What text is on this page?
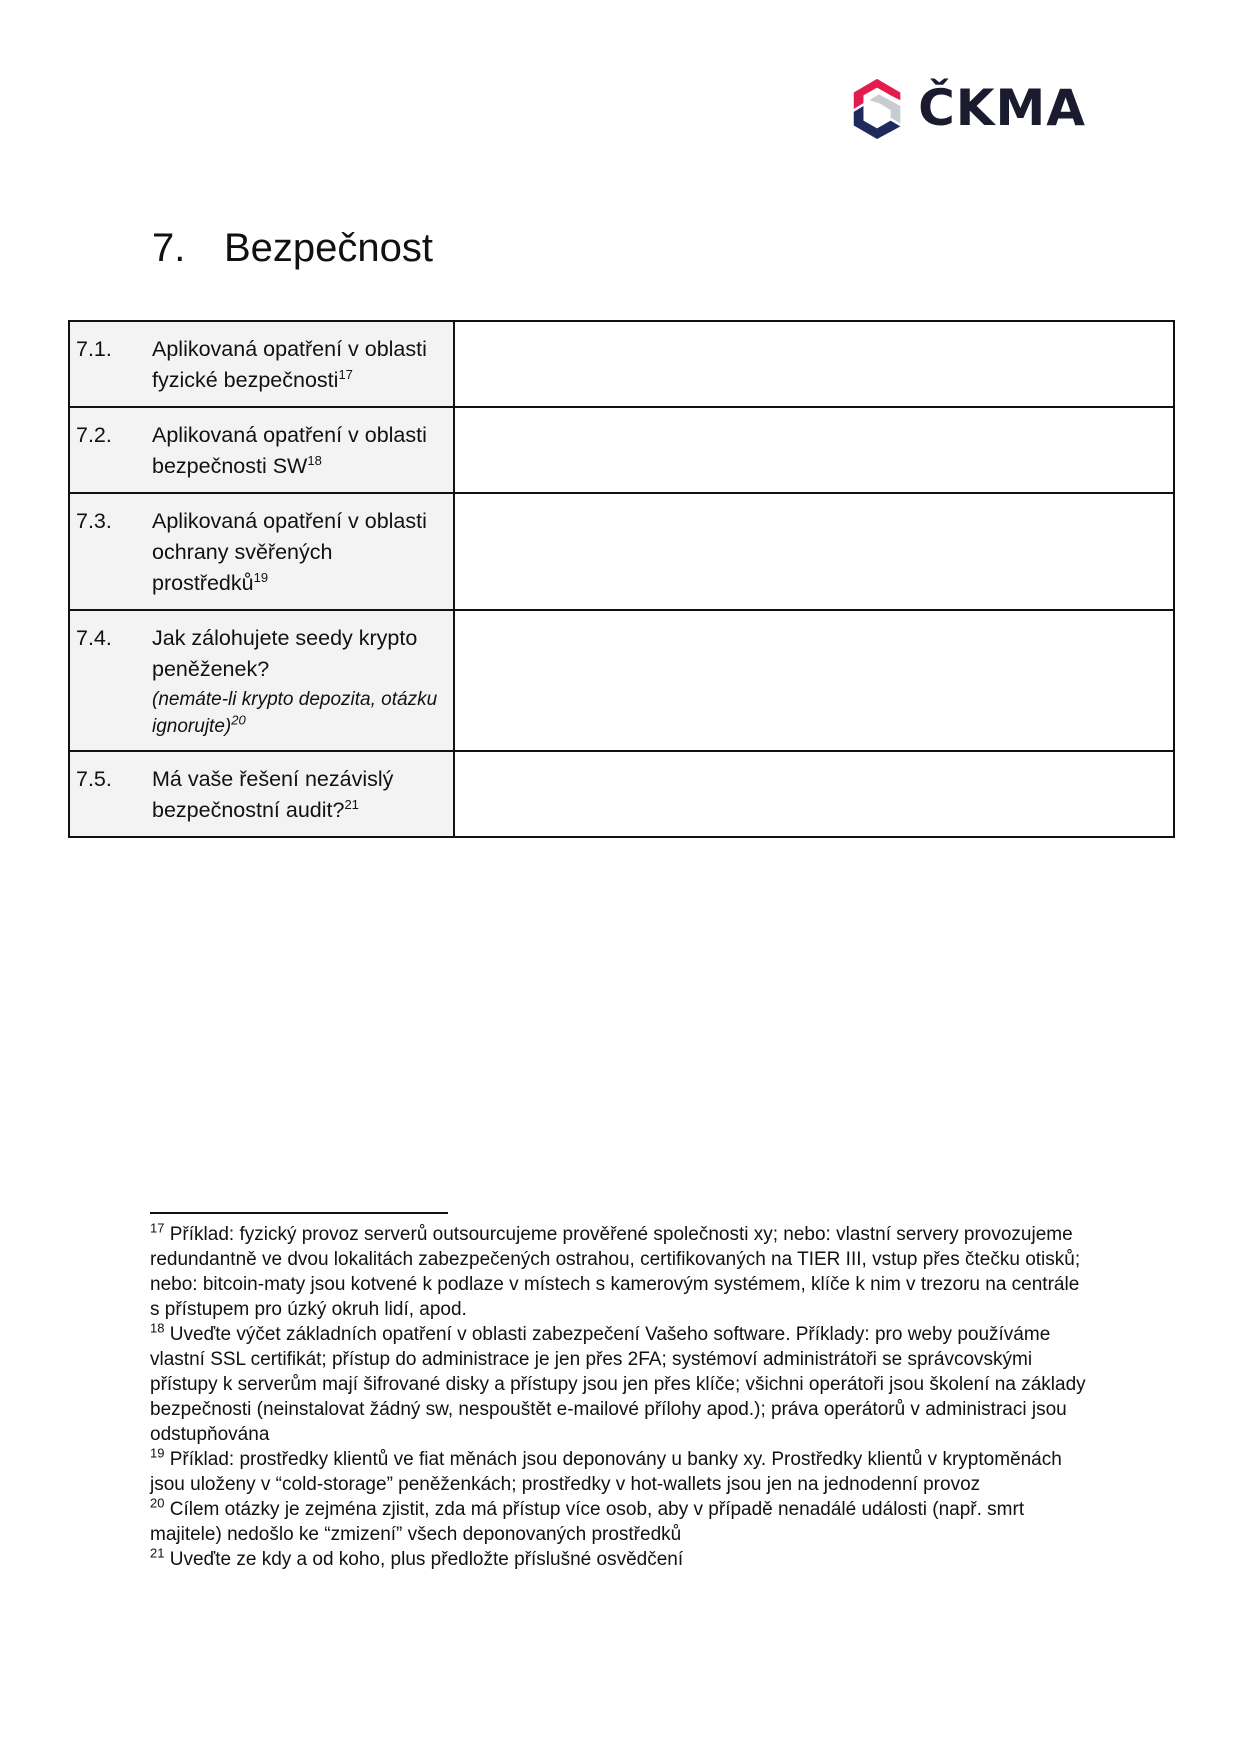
ČKMA
7. Bezpečnost
7.1. Aplikovaná opatření v oblasti fyzické bezpečnosti$^{17}$

7.2. Aplikovaná opatření v oblasti bezpečnosti SW$^{18}$

7.3. Aplikovaná opatření v oblasti ochrany svěřených prostředků$^{19}$

7.4. Jak zálohujete seedy krypto peněženek?
(nemáte-li krypto depozita, otázku ignorujte)$^{20}$

7.5. Má vaše řešení nezávislý bezpečnostní audit?$^{21}$

$^{17}$ Příklad: fyzický provoz serverů outsourcujeme prověřené společnosti xy; nebo: vlastní servery provozujeme redundantně ve dvou lokalitách zabezpečených ostrahou, certifikovaných na TIER III, vstup přes čtečku otisků; nebo: bitcoin-maty jsou kotvené k podlaze v místech s kamerovým systémem, klíče k nim v trezoru na centrále s přístupem pro úzký okruh lidí, apod.

$^{18}$ Uveďte výčet základních opatření v oblasti zabezpečení Vašeho software. Příklady: pro weby používáme vlastní SSL certifikát; přístup do administrace je jen přes 2FA; systémoví administrátoři se správcovskými přístupy k serverům mají šifrované disky a přístupy jsou jen přes klíče; všichni operátoři jsou školení na základy bezpečnosti (neinstalovat žádný sw, nespouštět e-mailové přílohy apod.); práva operátorů v administraci jsou odstupňována

$^{19}$ Příklad: prostředky klientů ve fiat měnách jsou deponovány u banky xy. Prostředky klientů v kryptoměnách jsou uloženy v “cold-storage” peněženkách; prostředky v hot-wallets jsou jen na jednodenní provoz

$^{20}$ Cílem otázky je zejména zjistit, zda má přístup více osob, aby v případě nenadálé události (např. smrt majitele) nedošlo ke “zmizení” všech deponovaných prostředků

$^{21}$ Uveďte ze kdy a od koho, plus předložte příslušné osvědčení
